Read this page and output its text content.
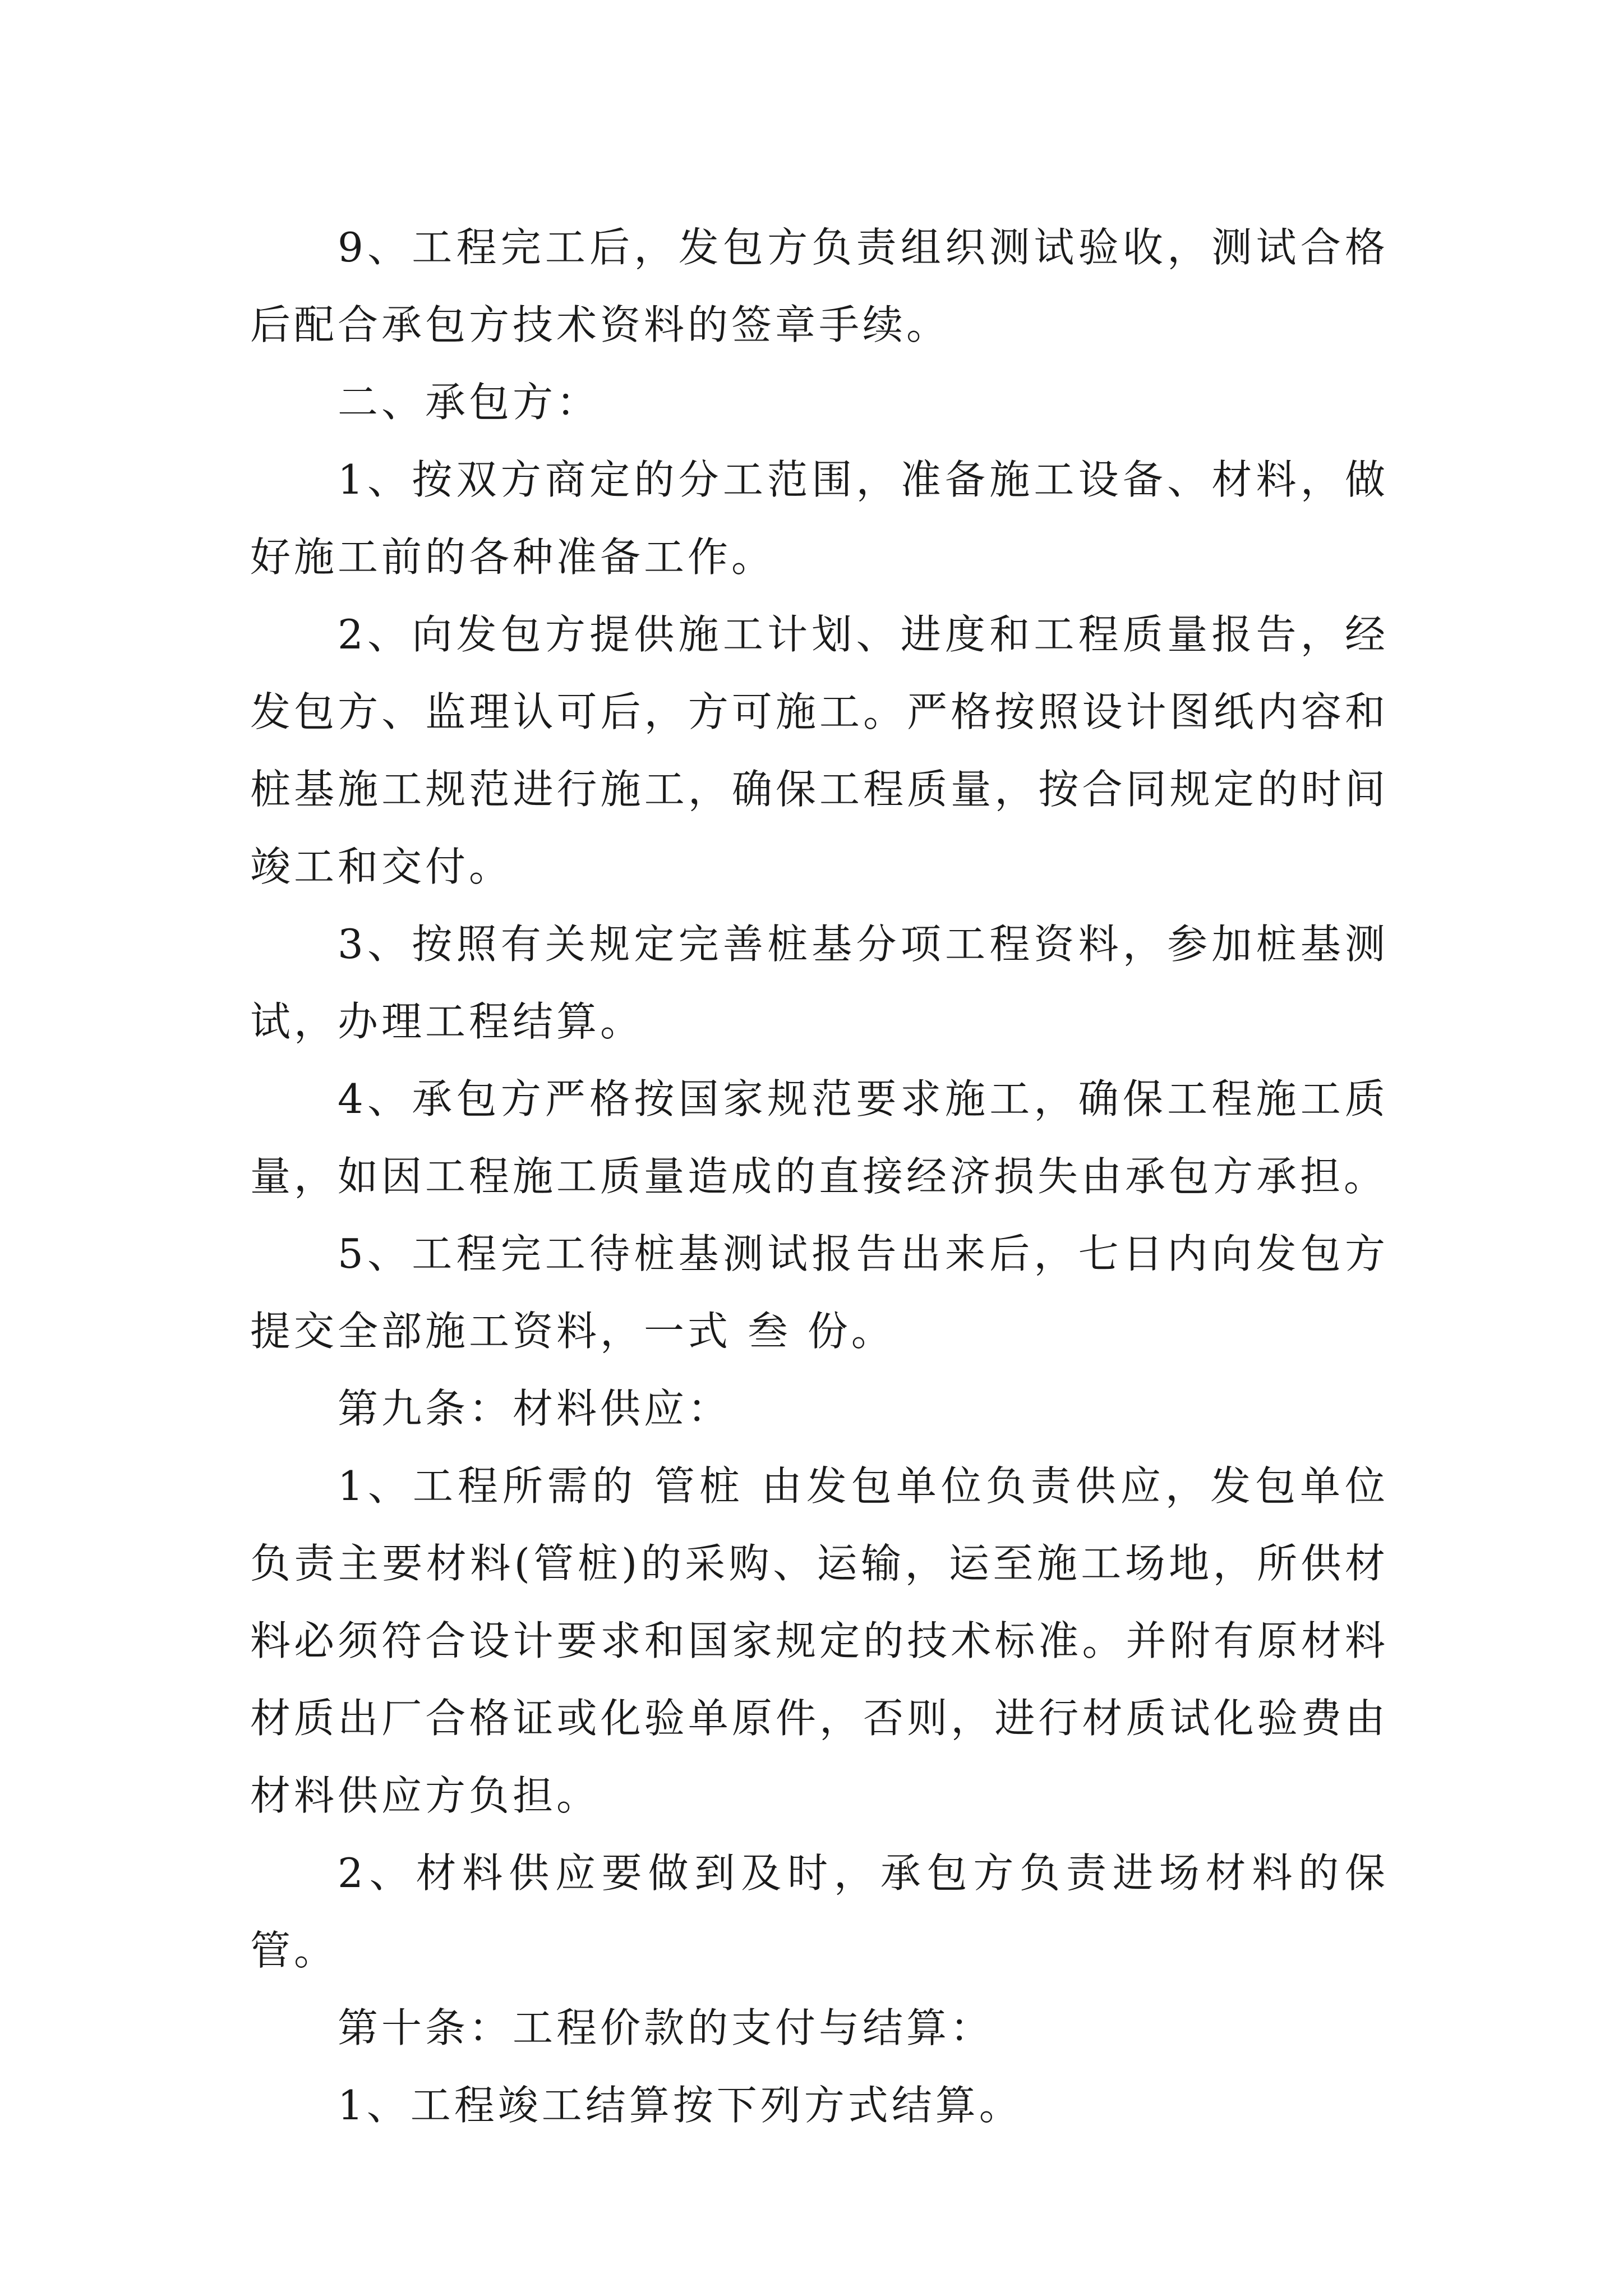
9、工程完工后，发包方负责组织测试验收，测试合格后配合承包方技术资料的签章手续。

二、承包方：

1、按双方商定的分工范围，准备施工设备、材料，做好施工前的各种准备工作。

2、向发包方提供施工计划、进度和工程质量报告，经发包方、监理认可后，方可施工。严格按照设计图纸内容和桩基施工规范进行施工，确保工程质量，按合同规定的时间竣工和交付。

3、按照有关规定完善桩基分项工程资料，参加桩基测试，办理工程结算。

4、承包方严格按国家规范要求施工，确保工程施工质量，如因工程施工质量造成的直接经济损失由承包方承担。

5、工程完工待桩基测试报告出来后，七日内向发包方提交全部施工资料，一式 叁 份。

第九条：材料供应：

1、工程所需的 管桩 由发包单位负责供应，发包单位负责主要材料(管桩)的采购、运输，运至施工场地，所供材料必须符合设计要求和国家规定的技术标准。并附有原材料材质出厂合格证或化验单原件，否则，进行材质试化验费由材料供应方负担。

2、材料供应要做到及时，承包方负责进场材料的保管。

第十条：工程价款的支付与结算：

1、工程竣工结算按下列方式结算。
